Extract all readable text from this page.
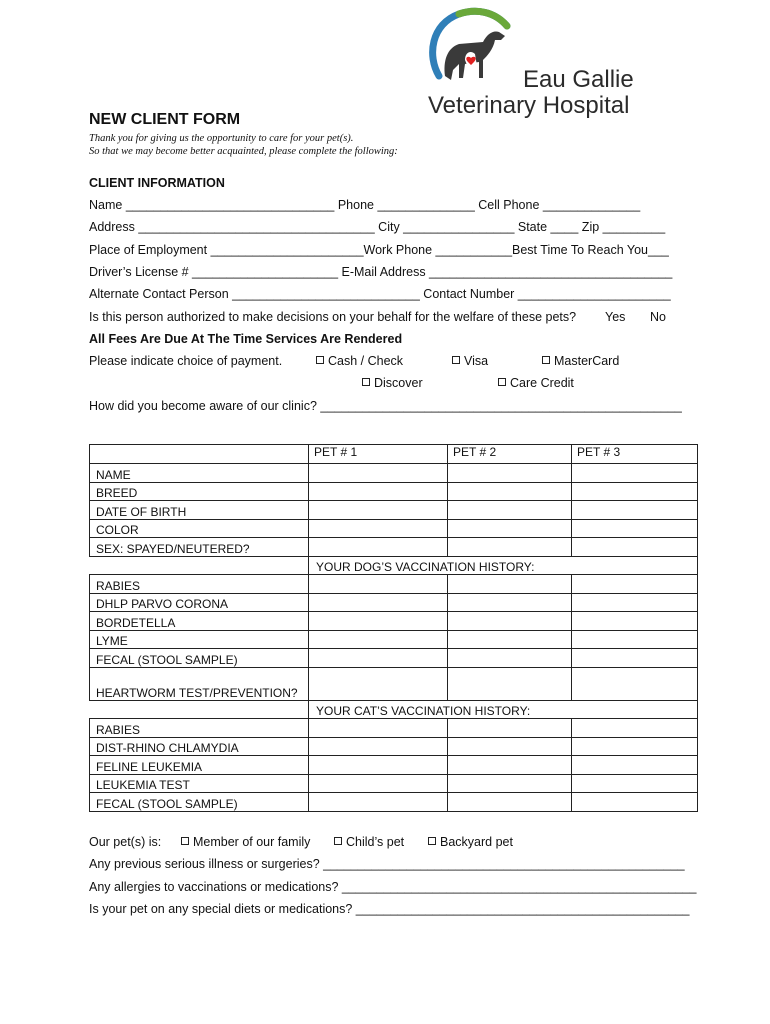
Eau Gallie

Veterinary Hospital

NEW CLIENT FORM
Thank you for giving us the opportunity to care for your pet(s).
So that we may become better acquainted, please complete the following:
CLIENT INFORMATION
Name ______________________________ Phone ______________ Cell Phone ______________
Address __________________________________ City ________________ State ____ Zip _________
Place of Employment ______________________Work Phone ___________Best Time To Reach You___
Driver’s License # _____________________ E-Mail Address ___________________________________
Alternate Contact Person ___________________________ Contact Number ______________________
Is this person authorized to make decisions on your behalf for the welfare of these pets? Yes No
All Fees Are Due At The Time Services Are Rendered
Please indicate choice of payment.	Cash / Check	Visa	MasterCard
Discover	Care Credit
How did you become aware of our clinic? ____________________________________________________
	PET # 1	PET # 2	PET # 3
NAME			
BREED			
DATE OF BIRTH			
COLOR			
SEX: SPAYED/NEUTERED?			
	YOUR DOG’S VACCINATION HISTORY:		
RABIES			
DHLP PARVO CORONA			
BORDETELLA			
LYME			
FECAL (STOOL SAMPLE)			
HEARTWORM TEST/PREVENTION?			
	YOUR CAT’S VACCINATION HISTORY:		
RABIES			
DIST-RHINO CHLAMYDIA			
FELINE LEUKEMIA			
LEUKEMIA TEST			
FECAL (STOOL SAMPLE)			
Our pet(s) is:	Member of our family	Child’s pet	Backyard pet
Any previous serious illness or surgeries? ____________________________________________________
Any allergies to vaccinations or medications? ___________________________________________________
Is your pet on any special diets or medications? ________________________________________________
